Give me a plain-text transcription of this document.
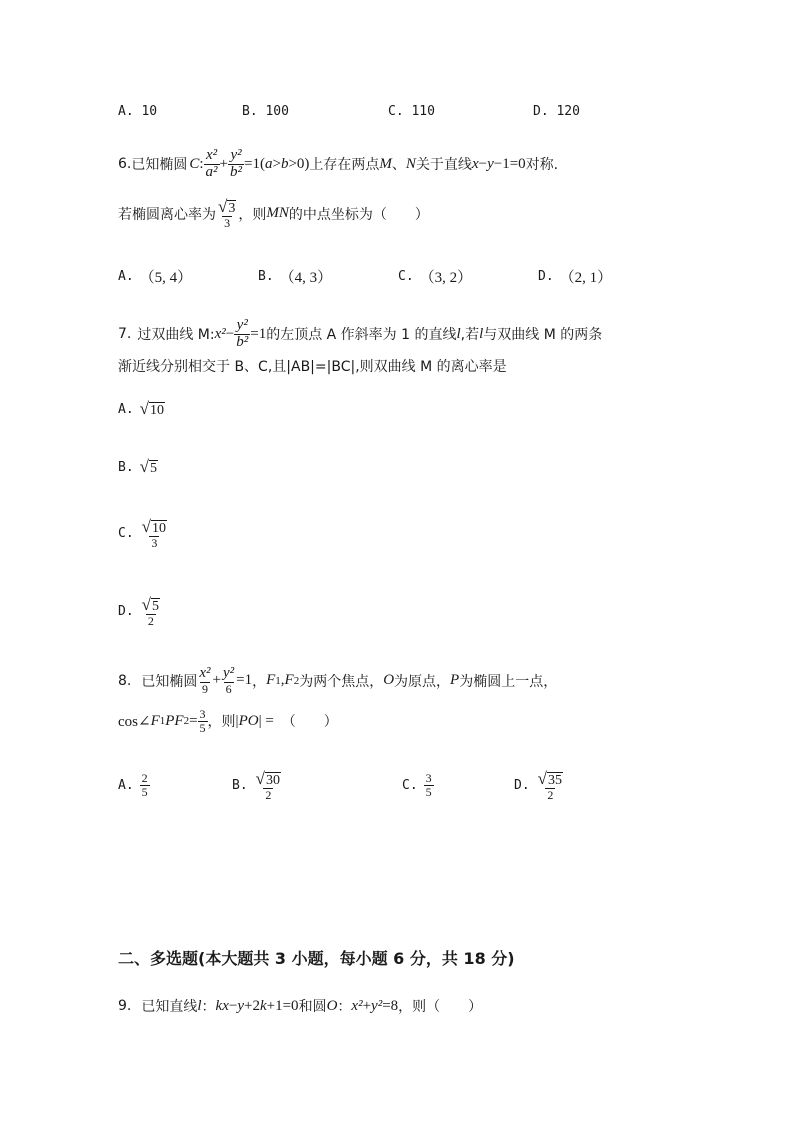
A. 10	B. 100	C. 110	D. 120
6. 已知椭圆 C : $\frac{\text{x²}}{\text{a²}} + \frac{\text{y²}}{\text{b²}} =1$( a > b >0) 上存在两点 M 、 N 关于直线 x − y −1=0 对称.
若椭圆离心率为 $\frac{√ 3}{3}$ ，则 MN 的中点坐标为（　　）
A. （5, 4）	B. （4, 3）	C. （3, 2）	D. （2, 1）
7. 过双曲线 M: $x^2 - \frac{\text{y²}}{\text{b²}} =1$ 的左顶点 A 作斜率为 1 的直线 l ,若 l 与双曲线 M 的两条
渐近线分别相交于 B、C,且|AB|=|BC|,则双曲线 M 的离心率是
A. √ 10
B. √ 5
C. $\frac{√ 10}{3}$
D. $\frac{√ 5}{2}$
8. 已知椭圆 $\frac{\text{x²}}{9} + \frac{\text{y²}}{6} =1$ ， F 1 , F 2 为两个焦点， O 为原点， P 为椭圆上一点，
cos∠ F 1 PF $2 = \frac{3}{5}$ ，则 | PO | = （　　）
A. $\frac{2}{5}$	B. $\frac{√ 30}{2}$	C. $\frac{3}{5}$	D. $\frac{√ 35}{2}$
二、多选题(本大题共 3 小题，每小题 6 分，共 18 分)
9. 已知直线 l ： kx − y +2 k +1=0 和圆 O ： x² + y² =8 ，则（　　）
